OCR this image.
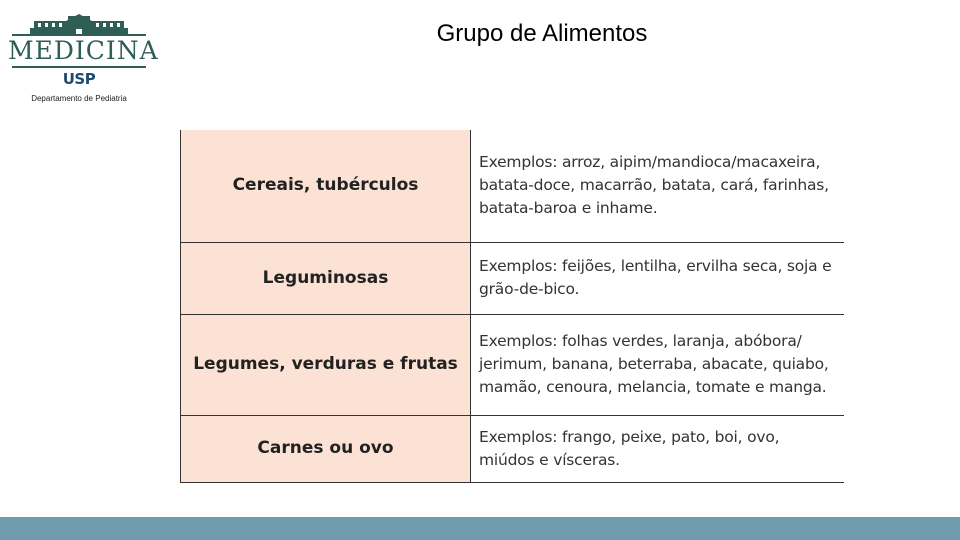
MEDICINA
USP
Departamento de Pediatria
Grupo de Alimentos
Cereais, tubérculos	Exemplos: arroz, aipim/mandioca/macaxeira, batata-doce, macarrão, batata, cará, farinhas, batata-baroa e inhame.
Leguminosas	Exemplos: feijões, lentilha, ervilha seca, soja e grão-de-bico.
Legumes, verduras e frutas	Exemplos: folhas verdes, laranja, abóbora/ jerimum, banana, beterraba, abacate, quiabo, mamão, cenoura, melancia, tomate e manga.
Carnes ou ovo	Exemplos: frango, peixe, pato, boi, ovo, miúdos e vísceras.
